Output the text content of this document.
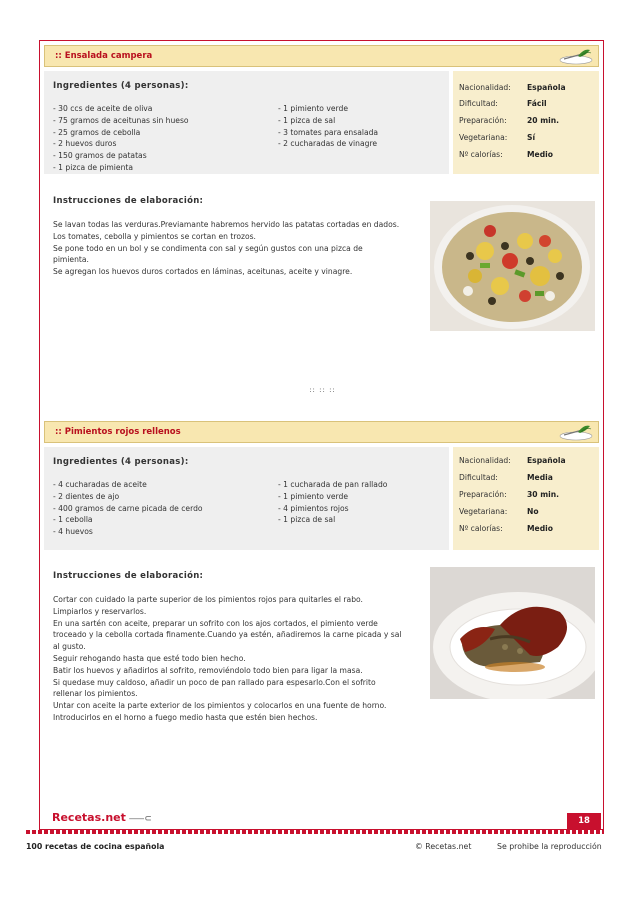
:: Ensalada campera
Ingredientes (4 personas):
- 30 ccs de aceite de oliva
- 75 gramos de aceitunas sin hueso
- 25 gramos de cebolla
- 2 huevos duros
- 150 gramos de patatas
- 1 pizca de pimienta
- 1 pimiento verde
- 1 pizca de sal
- 3 tomates para ensalada
- 2 cucharadas de vinagre
Nacionalidad:	Española
Dificultad:	Fácil
Preparación:	20 min.
Vegetariana:	Sí
Nº calorías:	Medio
Instrucciones de elaboración:
Se lavan todas las verduras.Previamante habremos hervido las patatas cortadas en dados.
Los tomates, cebolla y pimientos se cortan en trozos.
Se pone todo en un bol y se condimenta con sal y según gustos con una pizca de
pimienta.
Se agregan los huevos duros cortados en láminas, aceitunas, aceite y vinagre.
:: :: ::
:: Pimientos rojos rellenos
Ingredientes (4 personas):
- 4 cucharadas de aceite
- 2 dientes de ajo
- 400 gramos de carne picada de cerdo
- 1 cebolla
- 4 huevos
- 1 cucharada de pan rallado
- 1 pimiento verde
- 4 pimientos rojos
- 1 pizca de sal
Nacionalidad:	Española
Dificultad:	Media
Preparación:	30 min.
Vegetariana:	No
Nº calorías:	Medio
Instrucciones de elaboración:
Cortar con cuidado la parte superior de los pimientos rojos para quitarles el rabo.
Limpiarlos y reservarlos.
En una sartén con aceite, preparar un sofrito con los ajos cortados, el pimiento verde
troceado y la cebolla cortada finamente.Cuando ya estén, añadiremos la carne picada y sal
al gusto.
Seguir rehogando hasta que esté todo bien hecho.
Batir los huevos y añadirlos al sofrito, removiéndolo todo bien para ligar la masa.
Si quedase muy caldoso, añadir un poco de pan rallado para espesarlo.Con el sofrito
rellenar los pimientos.
Untar con aceite la parte exterior de los pimientos y colocarlos en una fuente de horno.
Introducirlos en el horno a fuego medio hasta que estén bien hechos.
Recetas.net ⸺⊂	18
100 recetas de cocina española	© Recetas.net	Se prohibe la reproducción
